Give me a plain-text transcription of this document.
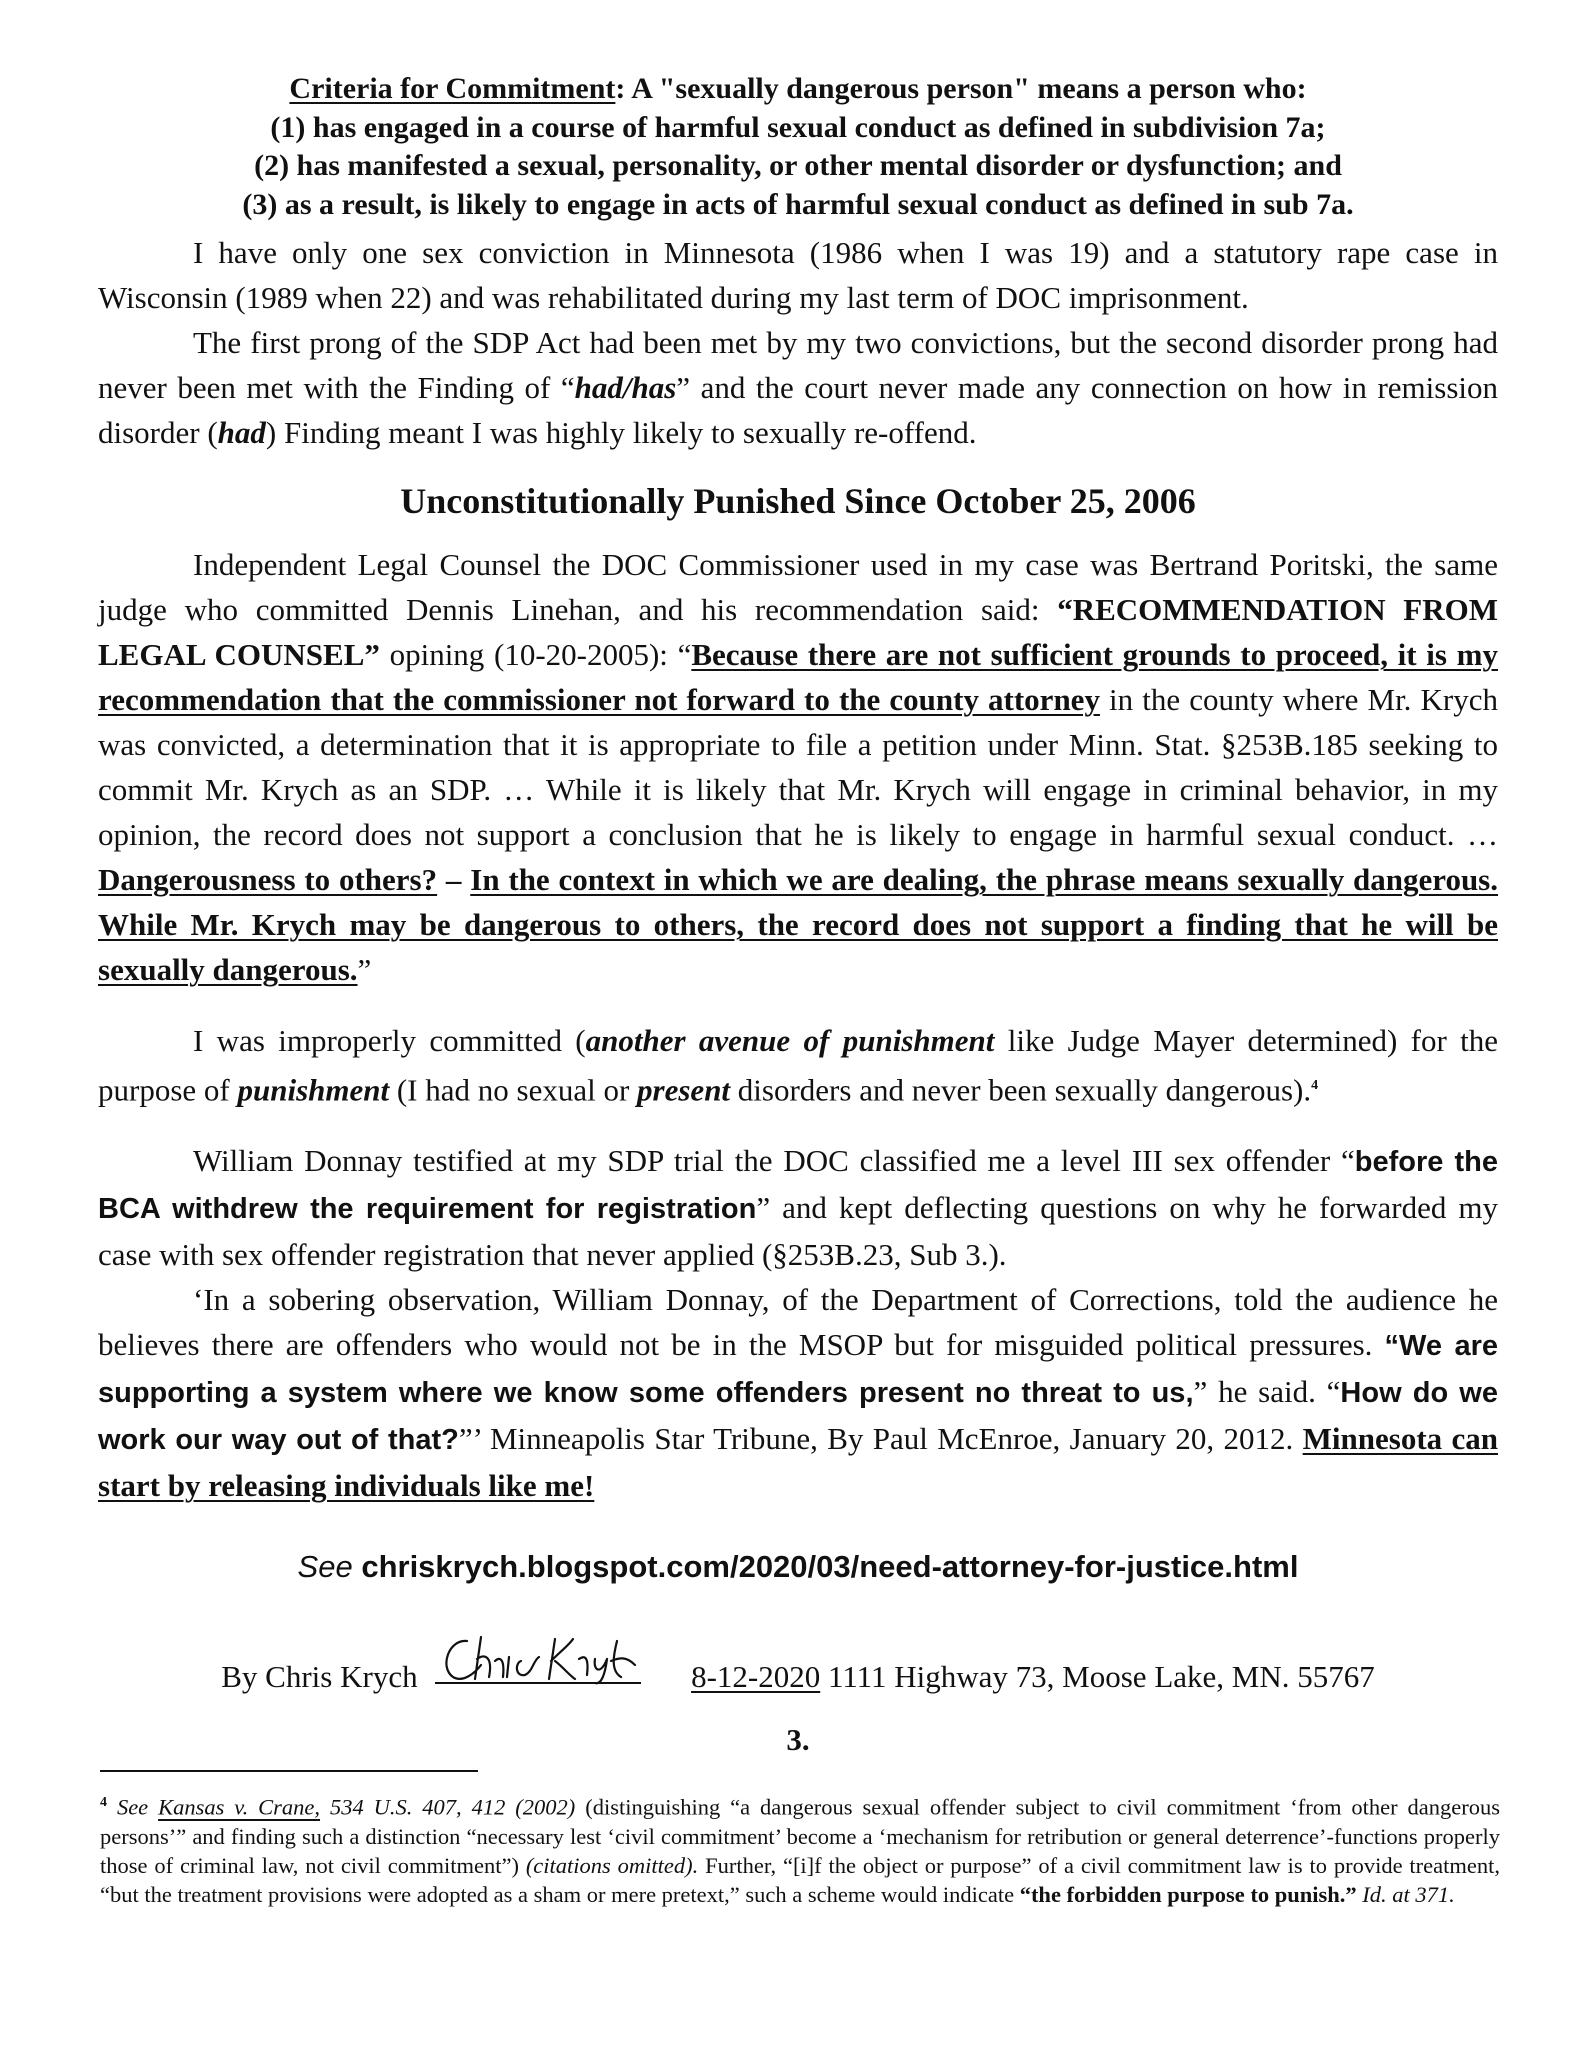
Criteria for Commitment: A "sexually dangerous person" means a person who:
(1) has engaged in a course of harmful sexual conduct as defined in subdivision 7a;
(2) has manifested a sexual, personality, or other mental disorder or dysfunction; and
(3) as a result, is likely to engage in acts of harmful sexual conduct as defined in sub 7a.

I have only one sex conviction in Minnesota (1986 when I was 19) and a statutory rape case in Wisconsin (1989 when 22) and was rehabilitated during my last term of DOC imprisonment.

The first prong of the SDP Act had been met by my two convictions, but the second disorder prong had never been met with the Finding of “had/has” and the court never made any connection on how in remission disorder (had) Finding meant I was highly likely to sexually re-offend.

Unconstitutionally Punished Since October 25, 2006

Independent Legal Counsel the DOC Commissioner used in my case was Bertrand Poritski, the same judge who committed Dennis Linehan, and his recommendation said: “RECOMMENDATION FROM LEGAL COUNSEL” opining (10-20-2005): “Because there are not sufficient grounds to proceed, it is my recommendation that the commissioner not forward to the county attorney in the county where Mr. Krych was convicted, a determination that it is appropriate to file a petition under Minn. Stat. §253B.185 seeking to commit Mr. Krych as an SDP. … While it is likely that Mr. Krych will engage in criminal behavior, in my opinion, the record does not support a conclusion that he is likely to engage in harmful sexual conduct. … Dangerousness to others? – In the context in which we are dealing, the phrase means sexually dangerous. While Mr. Krych may be dangerous to others, the record does not support a finding that he will be sexually dangerous.”

I was improperly committed (another avenue of punishment like Judge Mayer determined) for the purpose of punishment (I had no sexual or present disorders and never been sexually dangerous).$^4$

William Donnay testified at my SDP trial the DOC classified me a level III sex offender “before the BCA withdrew the requirement for registration” and kept deflecting questions on why he forwarded my case with sex offender registration that never applied (§253B.23, Sub 3.).

‘In a sobering observation, William Donnay, of the Department of Corrections, told the audience he believes there are offenders who would not be in the MSOP but for misguided political pressures. “We are supporting a system where we know some offenders present no threat to us,” he said. “How do we work our way out of that?”’ Minneapolis Star Tribune, By Paul McEnroe, January 20, 2012. Minnesota can start by releasing individuals like me!

See chriskrych.blogspot.com/2020/03/need-attorney-for-justice.html
By Chris Krych	8-12-2020 1111 Highway 73, Moose Lake, MN. 55767
3.
$^4$ See Kansas v. Crane, 534 U.S. 407, 412 (2002) (distinguishing “a dangerous sexual offender subject to civil commitment ‘from other dangerous persons’” and finding such a distinction “necessary lest ‘civil commitment’ become a ‘mechanism for retribution or general deterrence’-functions properly those of criminal law, not civil commitment”) (citations omitted). Further, “[i]f the object or purpose” of a civil commitment law is to provide treatment, “but the treatment provisions were adopted as a sham or mere pretext,” such a scheme would indicate “the forbidden purpose to punish.” Id. at 371.
